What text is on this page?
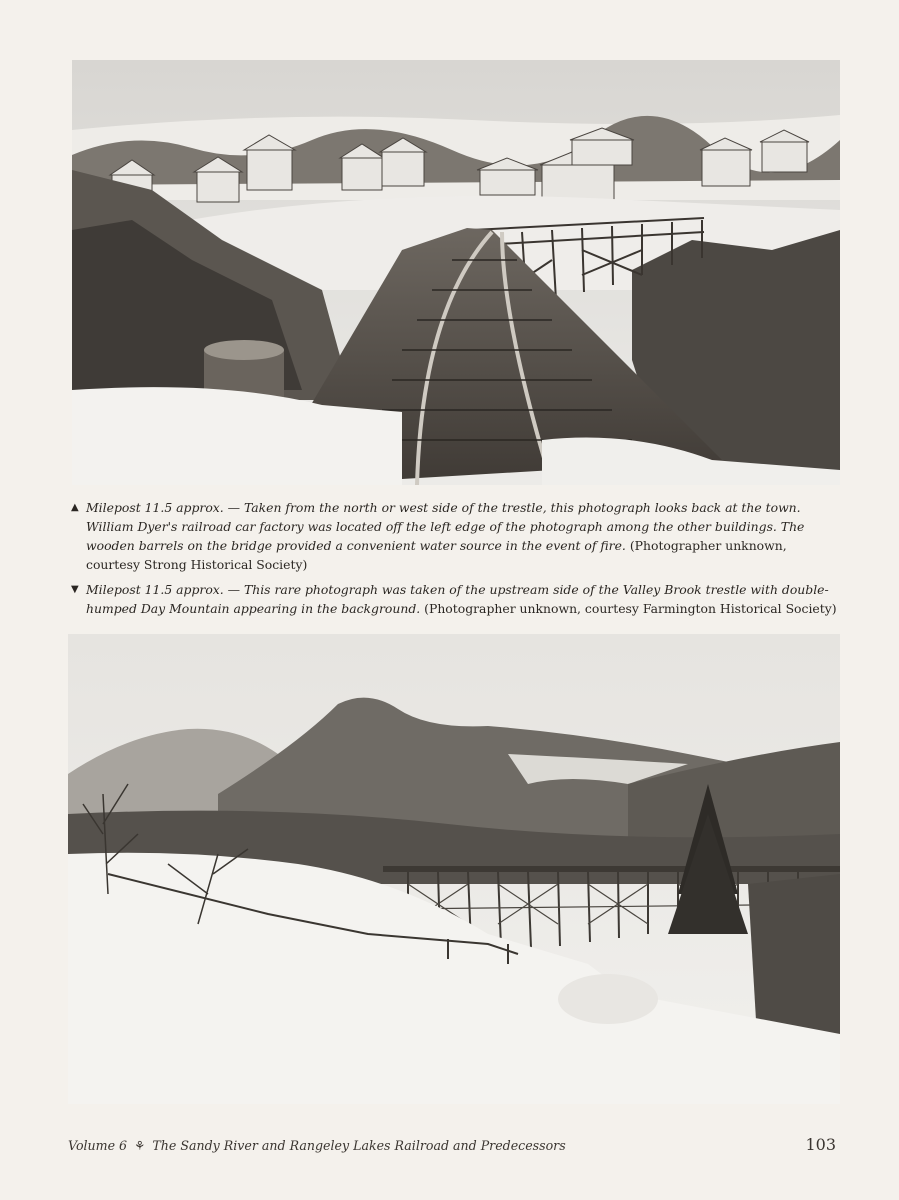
▲ Milepost 11.5 approx. — Taken from the north or west side of the trestle, this photograph looks back at the town. William Dyer's railroad car factory was located off the left edge of the photograph among the other buildings. The wooden barrels on the bridge provided a convenient water source in the event of fire. (Photographer unknown, courtesy Strong Historical Society)
▼ Milepost 11.5 approx. — This rare photograph was taken of the upstream side of the Valley Brook trestle with double-humped Day Mountain appearing in the background. (Photographer unknown, courtesy Farmington Historical Society)
Volume 6 ⚘ The Sandy River and Rangeley Lakes Railroad and Predecessors	103
